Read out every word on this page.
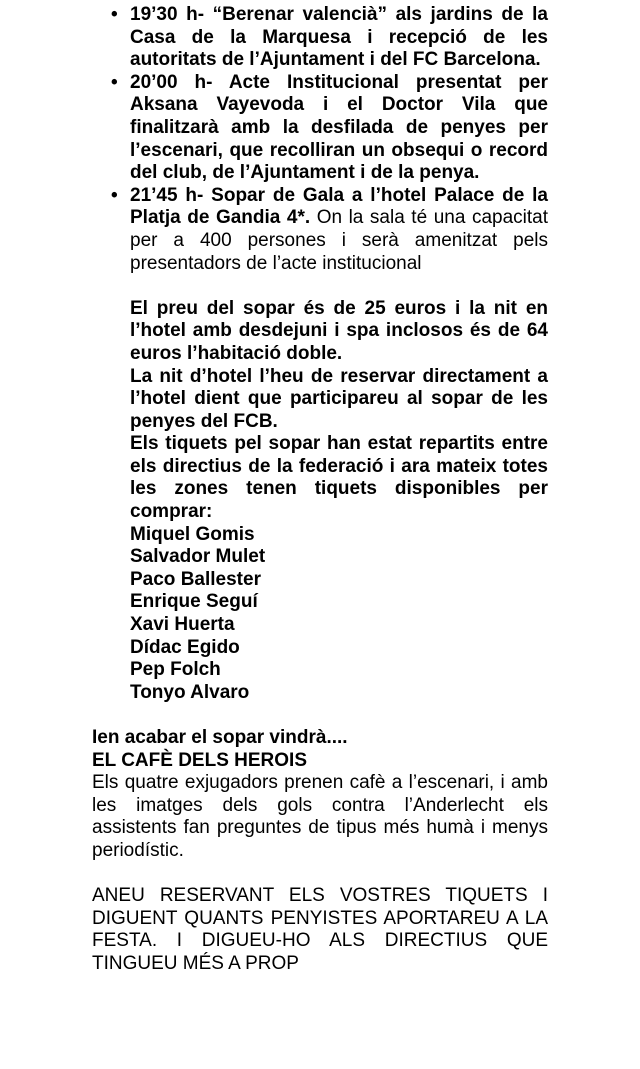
• 19’30 h- “Berenar valencià” als jardins de la Casa de la Marquesa i recepció de les autoritats de l’Ajuntament i del FC Barcelona.
• 20’00 h- Acte Institucional presentat per Aksana Vayevoda i el Doctor Vila que finalitzarà amb la desfilada de penyes per l’escenari, que recolliran un obsequi o record del club, de l’Ajuntament i de la penya.
• 21’45 h- Sopar de Gala a l’hotel Palace de la Platja de Gandia 4*. On la sala té una capacitat per a 400 persones i serà amenitzat pels presentadors de l’acte institucional

El preu del sopar és de 25 euros i la nit en l’hotel amb desdejuni i spa inclosos és de 64 euros l’habitació doble.

La nit d’hotel l’heu de reservar directament a l’hotel dient que participareu al sopar de les penyes del FCB.

Els tiquets pel sopar han estat repartits entre els directius de la federació i ara mateix totes les zones tenen tiquets disponibles per comprar:

Miquel Gomis
Salvador Mulet
Paco Ballester
Enrique Seguí
Xavi Huerta
Dídac Egido
Pep Folch
Tonyo Alvaro

Ien acabar el sopar vindrà....

EL CAFÈ DELS HEROIS

Els quatre exjugadors prenen cafè a l’escenari, i amb les imatges dels gols contra l’Anderlecht els assistents fan preguntes de tipus més humà i menys periodístic.

ANEU RESERVANT ELS VOSTRES TIQUETS I DIGUENT QUANTS PENYISTES APORTAREU A LA FESTA. I DIGUEU-HO ALS DIRECTIUS QUE TINGUEU MÉS A PROP
